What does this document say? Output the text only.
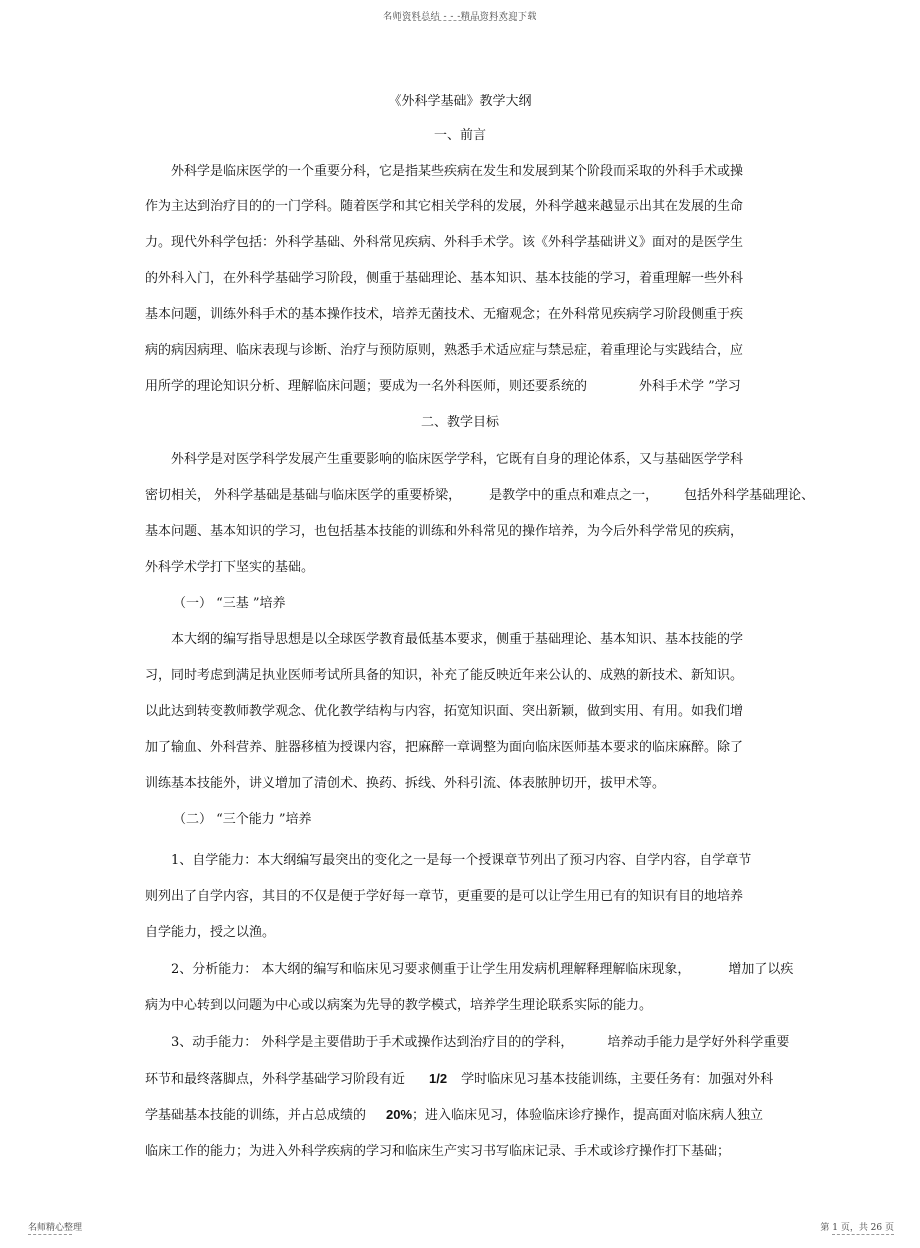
名师资料总结 - - -精品资料欢迎下载
《外科学基础》教学大纲
一、前言
外科学是临床医学的一个重要分科，它是指某些疾病在发生和发展到某个阶段而采取的外科手术或操
作为主达到治疗目的的一门学科。随着医学和其它相关学科的发展，外科学越来越显示出其在发展的生命
力。现代外科学包括：外科学基础、外科常见疾病、外科手术学。该《外科学基础讲义》面对的是医学生
的外科入门，在外科学基础学习阶段，侧重于基础理论、基本知识、基本技能的学习，着重理解一些外科
基本问题，训练外科手术的基本操作技术，培养无菌技术、无瘤观念；在外科常见疾病学习阶段侧重于疾
病的病因病理、临床表现与诊断、治疗与预防原则，熟悉手术适应症与禁忌症，着重理论与实践结合，应
用所学的理论知识分析、理解临床问题；要成为一名外科医师，则还要系统的	外科手术学 ”学习
二、教学目标
外科学是对医学科学发展产生重要影响的临床医学学科，它既有自身的理论体系，又与基础医学学科
密切相关， 外科学基础是基础与临床医学的重要桥梁， 是教学中的重点和难点之一， 包括外科学基础理论、
基本问题、基本知识的学习，也包括基本技能的训练和外科常见的操作培养，为今后外科学常见的疾病，
外科学术学打下坚实的基础。
（一） “三基 ”培养
本大纲的编写指导思想是以全球医学教育最低基本要求，侧重于基础理论、基本知识、基本技能的学
习，同时考虑到满足执业医师考试所具备的知识，补充了能反映近年来公认的、成熟的新技术、新知识。
以此达到转变教师教学观念、优化教学结构与内容，拓宽知识面、突出新颖，做到实用、有用。如我们增
加了输血、外科营养、脏器移植为授课内容，把麻醉一章调整为面向临床医师基本要求的临床麻醉。除了
训练基本技能外，讲义增加了清创术、换药、拆线、外科引流、体表脓肿切开，拔甲术等。
（二） “三个能力 ”培养
1、自学能力：本大纲编写最突出的变化之一是每一个授课章节列出了预习内容、自学内容，自学章节
则列出了自学内容，其目的不仅是便于学好每一章节，更重要的是可以让学生用已有的知识有目的地培养
自学能力，授之以渔。
2、分析能力： 本大纲的编写和临床见习要求侧重于让学生用发病机理解释理解临床现象，	增加了以疾
病为中心转到以问题为中心或以病案为先导的教学模式，培养学生理论联系实际的能力。
3、动手能力： 外科学是主要借助于手术或操作达到治疗目的的学科，	培养动手能力是学好外科学重要
环节和最终落脚点，外科学基础学习阶段有近 1/2 学时临床见习基本技能训练，主要任务有：加强对外科
学基础基本技能的训练，并占总成绩的 20%；进入临床见习，体验临床诊疗操作，提高面对临床病人独立
临床工作的能力；为进入外科学疾病的学习和临床生产实习书写临床记录、手术或诊疗操作打下基础；
名师精心整理	第 1 页，共 26 页
